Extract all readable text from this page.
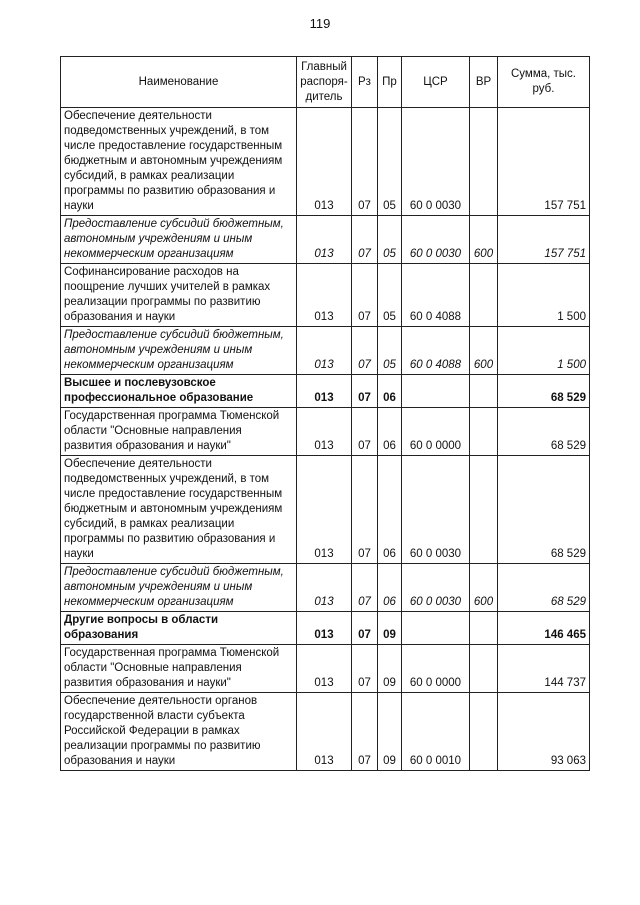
119
Наименование	Главный распоря-дитель	Рз	Пр	ЦСР	ВР	Сумма, тыс. руб.
Обеспечение деятельности подведомственных учреждений, в том числе предоставление государственным бюджетным и автономным учреждениям субсидий, в рамках реализации программы по развитию образования и науки	013	07	05	60 0 0030		157 751
Предоставление субсидий бюджетным, автономным учреждениям и иным некоммерческим организациям	013	07	05	60 0 0030	600	157 751
Софинансирование расходов на поощрение лучших учителей в рамках реализации программы по развитию образования и науки	013	07	05	60 0 4088		1 500
Предоставление субсидий бюджетным, автономным учреждениям и иным некоммерческим организациям	013	07	05	60 0 4088	600	1 500
Высшее и послевузовское профессиональное образование	013	07	06			68 529
Государственная программа Тюменской области "Основные направления развития образования и науки"	013	07	06	60 0 0000		68 529
Обеспечение деятельности подведомственных учреждений, в том числе предоставление государственным бюджетным и автономным учреждениям субсидий, в рамках реализации программы по развитию образования и науки	013	07	06	60 0 0030		68 529
Предоставление субсидий бюджетным, автономным учреждениям и иным некоммерческим организациям	013	07	06	60 0 0030	600	68 529
Другие вопросы в области образования	013	07	09			146 465
Государственная программа Тюменской области "Основные направления развития образования и науки"	013	07	09	60 0 0000		144 737
Обеспечение деятельности органов государственной власти субъекта Российской Федерации в рамках реализации программы по развитию образования и науки	013	07	09	60 0 0010		93 063
